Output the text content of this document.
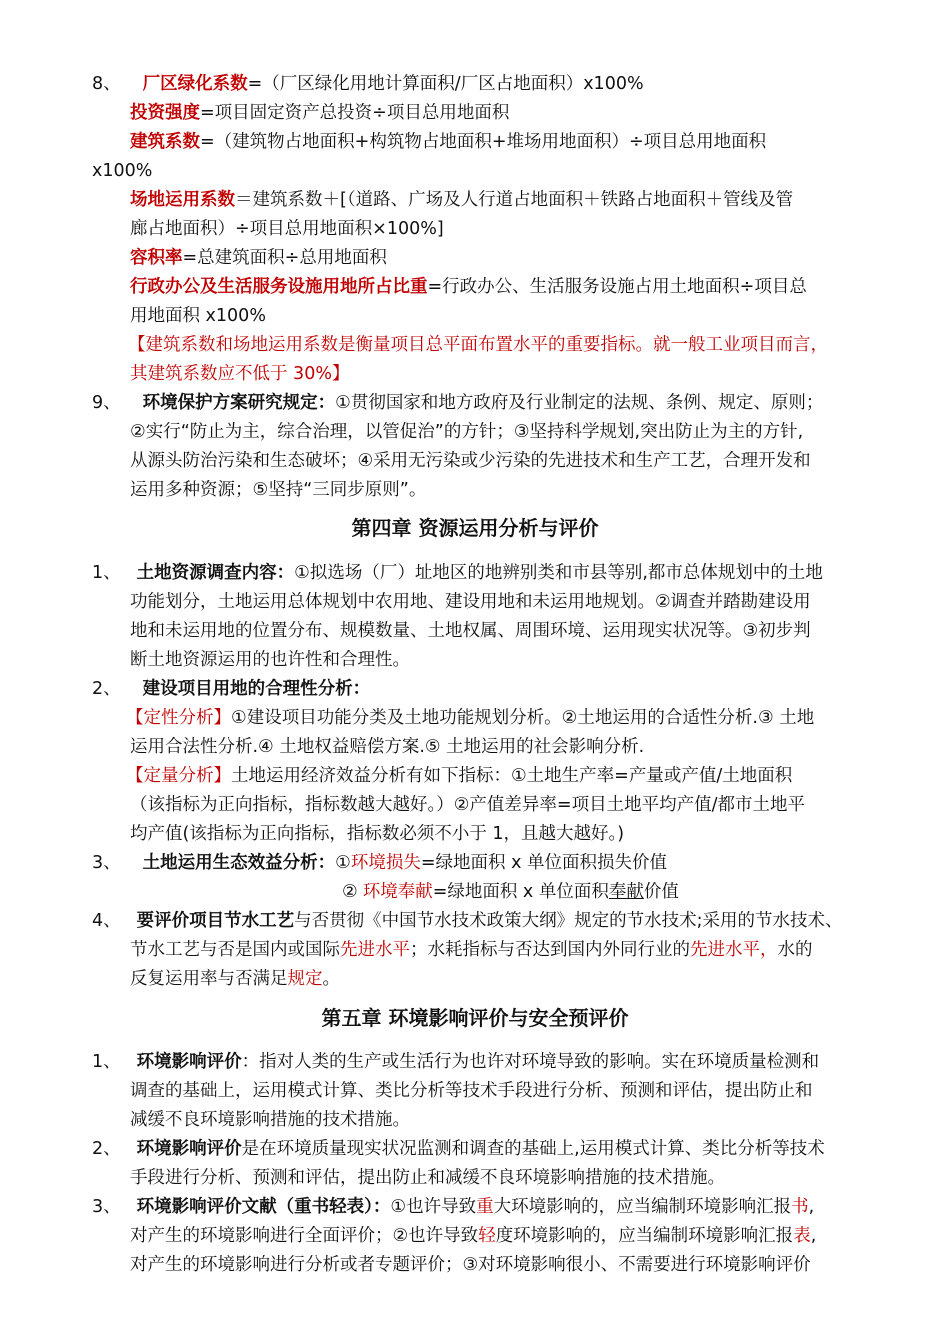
8、 厂区绿化系数=（厂区绿化用地计算面积/厂区占地面积）x100%
投资强度=项目固定资产总投资÷项目总用地面积
建筑系数=（建筑物占地面积+构筑物占地面积+堆场用地面积）÷项目总用地面积
x100%
场地运用系数＝建筑系数＋[（道路、广场及人行道占地面积＋铁路占地面积＋管线及管
廊占地面积）÷项目总用地面积×100%]
容积率=总建筑面积÷总用地面积
行政办公及生活服务设施用地所占比重=行政办公、生活服务设施占用土地面积÷项目总
用地面积 x100%
【建筑系数和场地运用系数是衡量项目总平面布置水平的重要指标。就一般工业项目而言，
其建筑系数应不低于 30%】
9、 环境保护方案研究规定：①贯彻国家和地方政府及行业制定的法规、条例、规定、原则；
②实行“防止为主，综合治理，以管促治”的方针；③坚持科学规划,突出防止为主的方针,
从源头防治污染和生态破坏；④采用无污染或少污染的先进技术和生产工艺，合理开发和
运用多种资源；⑤坚持“三同步原则”。
第四章 资源运用分析与评价
1、 土地资源调查内容：①拟选场（厂）址地区的地辨别类和市县等别,都市总体规划中的土地
功能划分，土地运用总体规划中农用地、建设用地和未运用地规划。②调查并踏勘建设用
地和未运用地的位置分布、规模数量、土地权属、周围环境、运用现实状况等。③初步判
断土地资源运用的也许性和合理性。
2、 建设项目用地的合理性分析：
【定性分析】①建设项目功能分类及土地功能规划分析。②土地运用的合适性分析.③ 土地
运用合法性分析.④ 土地权益赔偿方案.⑤ 土地运用的社会影响分析.
【定量分析】土地运用经济效益分析有如下指标：①土地生产率=产量或产值/土地面积
（该指标为正向指标，指标数越大越好。）②产值差异率=项目土地平均产值/都市土地平
均产值(该指标为正向指标，指标数必须不小于 1，且越大越好。)
3、 土地运用生态效益分析：①环境损失=绿地面积 x 单位面积损失价值
② 环境奉献=绿地面积 x 单位面积奉献价值
4、 要评价项目节水工艺与否贯彻《中国节水技术政策大纲》规定的节水技术;采用的节水技术、
节水工艺与否是国内或国际先进水平；水耗指标与否达到国内外同行业的先进水平，水的
反复运用率与否满足规定。
第五章 环境影响评价与安全预评价
1、 环境影响评价：指对人类的生产或生活行为也许对环境导致的影响。实在环境质量检测和
调查的基础上，运用模式计算、类比分析等技术手段进行分析、预测和评估，提出防止和
减缓不良环境影响措施的技术措施。
2、 环境影响评价是在环境质量现实状况监测和调查的基础上,运用模式计算、类比分析等技术
手段进行分析、预测和评估，提出防止和减缓不良环境影响措施的技术措施。
3、 环境影响评价文献（重书轻表）：①也许导致重大环境影响的，应当编制环境影响汇报书,
对产生的环境影响进行全面评价；②也许导致轻度环境影响的，应当编制环境影响汇报表,
对产生的环境影响进行分析或者专题评价；③对环境影响很小、不需要进行环境影响评价
